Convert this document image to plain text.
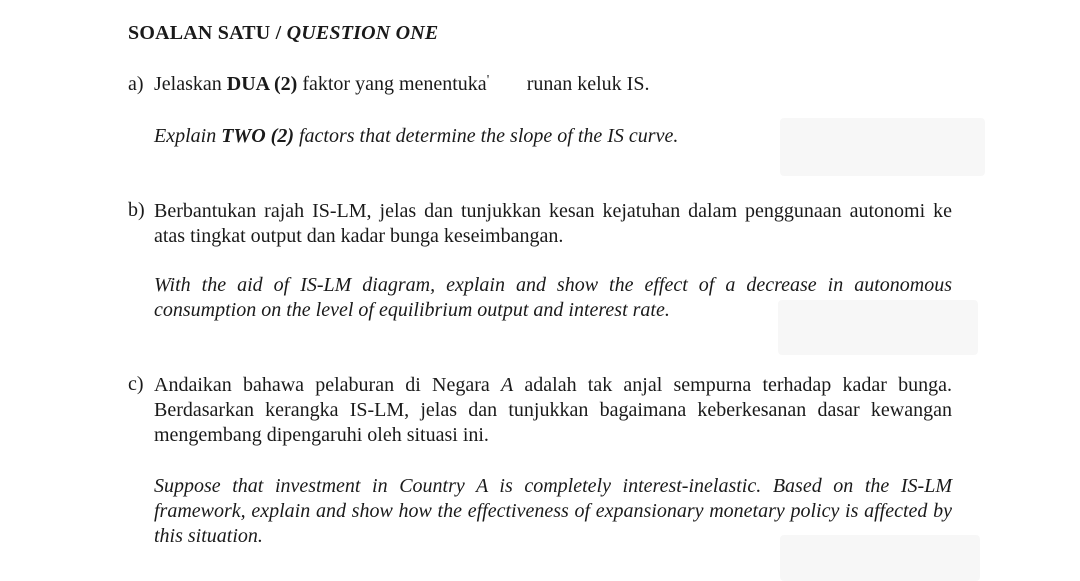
SOALAN SATU / QUESTION ONE
a) Jelaskan DUA (2) faktor yang menentuka' runan keluk IS.
Explain TWO (2) factors that determine the slope of the IS curve.
b) Berbantukan rajah IS-LM, jelas dan tunjukkan kesan kejatuhan dalam penggunaan autonomi ke atas tingkat output dan kadar bunga keseimbangan.
With the aid of IS-LM diagram, explain and show the effect of a decrease in autonomous consumption on the level of equilibrium output and interest rate.
c) Andaikan bahawa pelaburan di Negara A adalah tak anjal sempurna terhadap kadar bunga. Berdasarkan kerangka IS-LM, jelas dan tunjukkan bagaimana keberkesanan dasar kewangan mengembang dipengaruhi oleh situasi ini.
Suppose that investment in Country A is completely interest-inelastic. Based on the IS-LM framework, explain and show how the effectiveness of expansionary monetary policy is affected by this situation.
